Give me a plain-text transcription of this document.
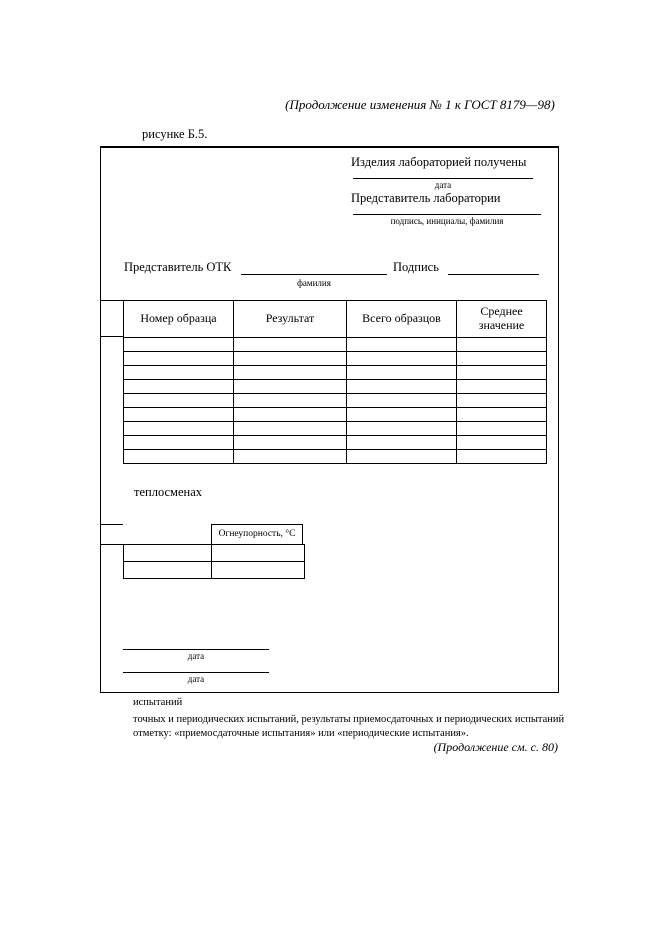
(Продолжение изменения № 1 к ГОСТ 8179—98)
рисунке Б.5.
Изделия лабораторией получены
дата
Представитель лаборатории
подпись, инициалы, фамилия
Представитель ОТК
фамилия
Подпись
Номер образца	Результат	Всего образцов	Среднее значение

теплосменах
Огнеупорность, °С

дата
дата
испытаний
точных и периодических испытаний, результаты приемосдаточных и периодических испытаний отметку: «приемосдаточные испытания» или «периодические испытания».
(Продолжение см. с. 80)
